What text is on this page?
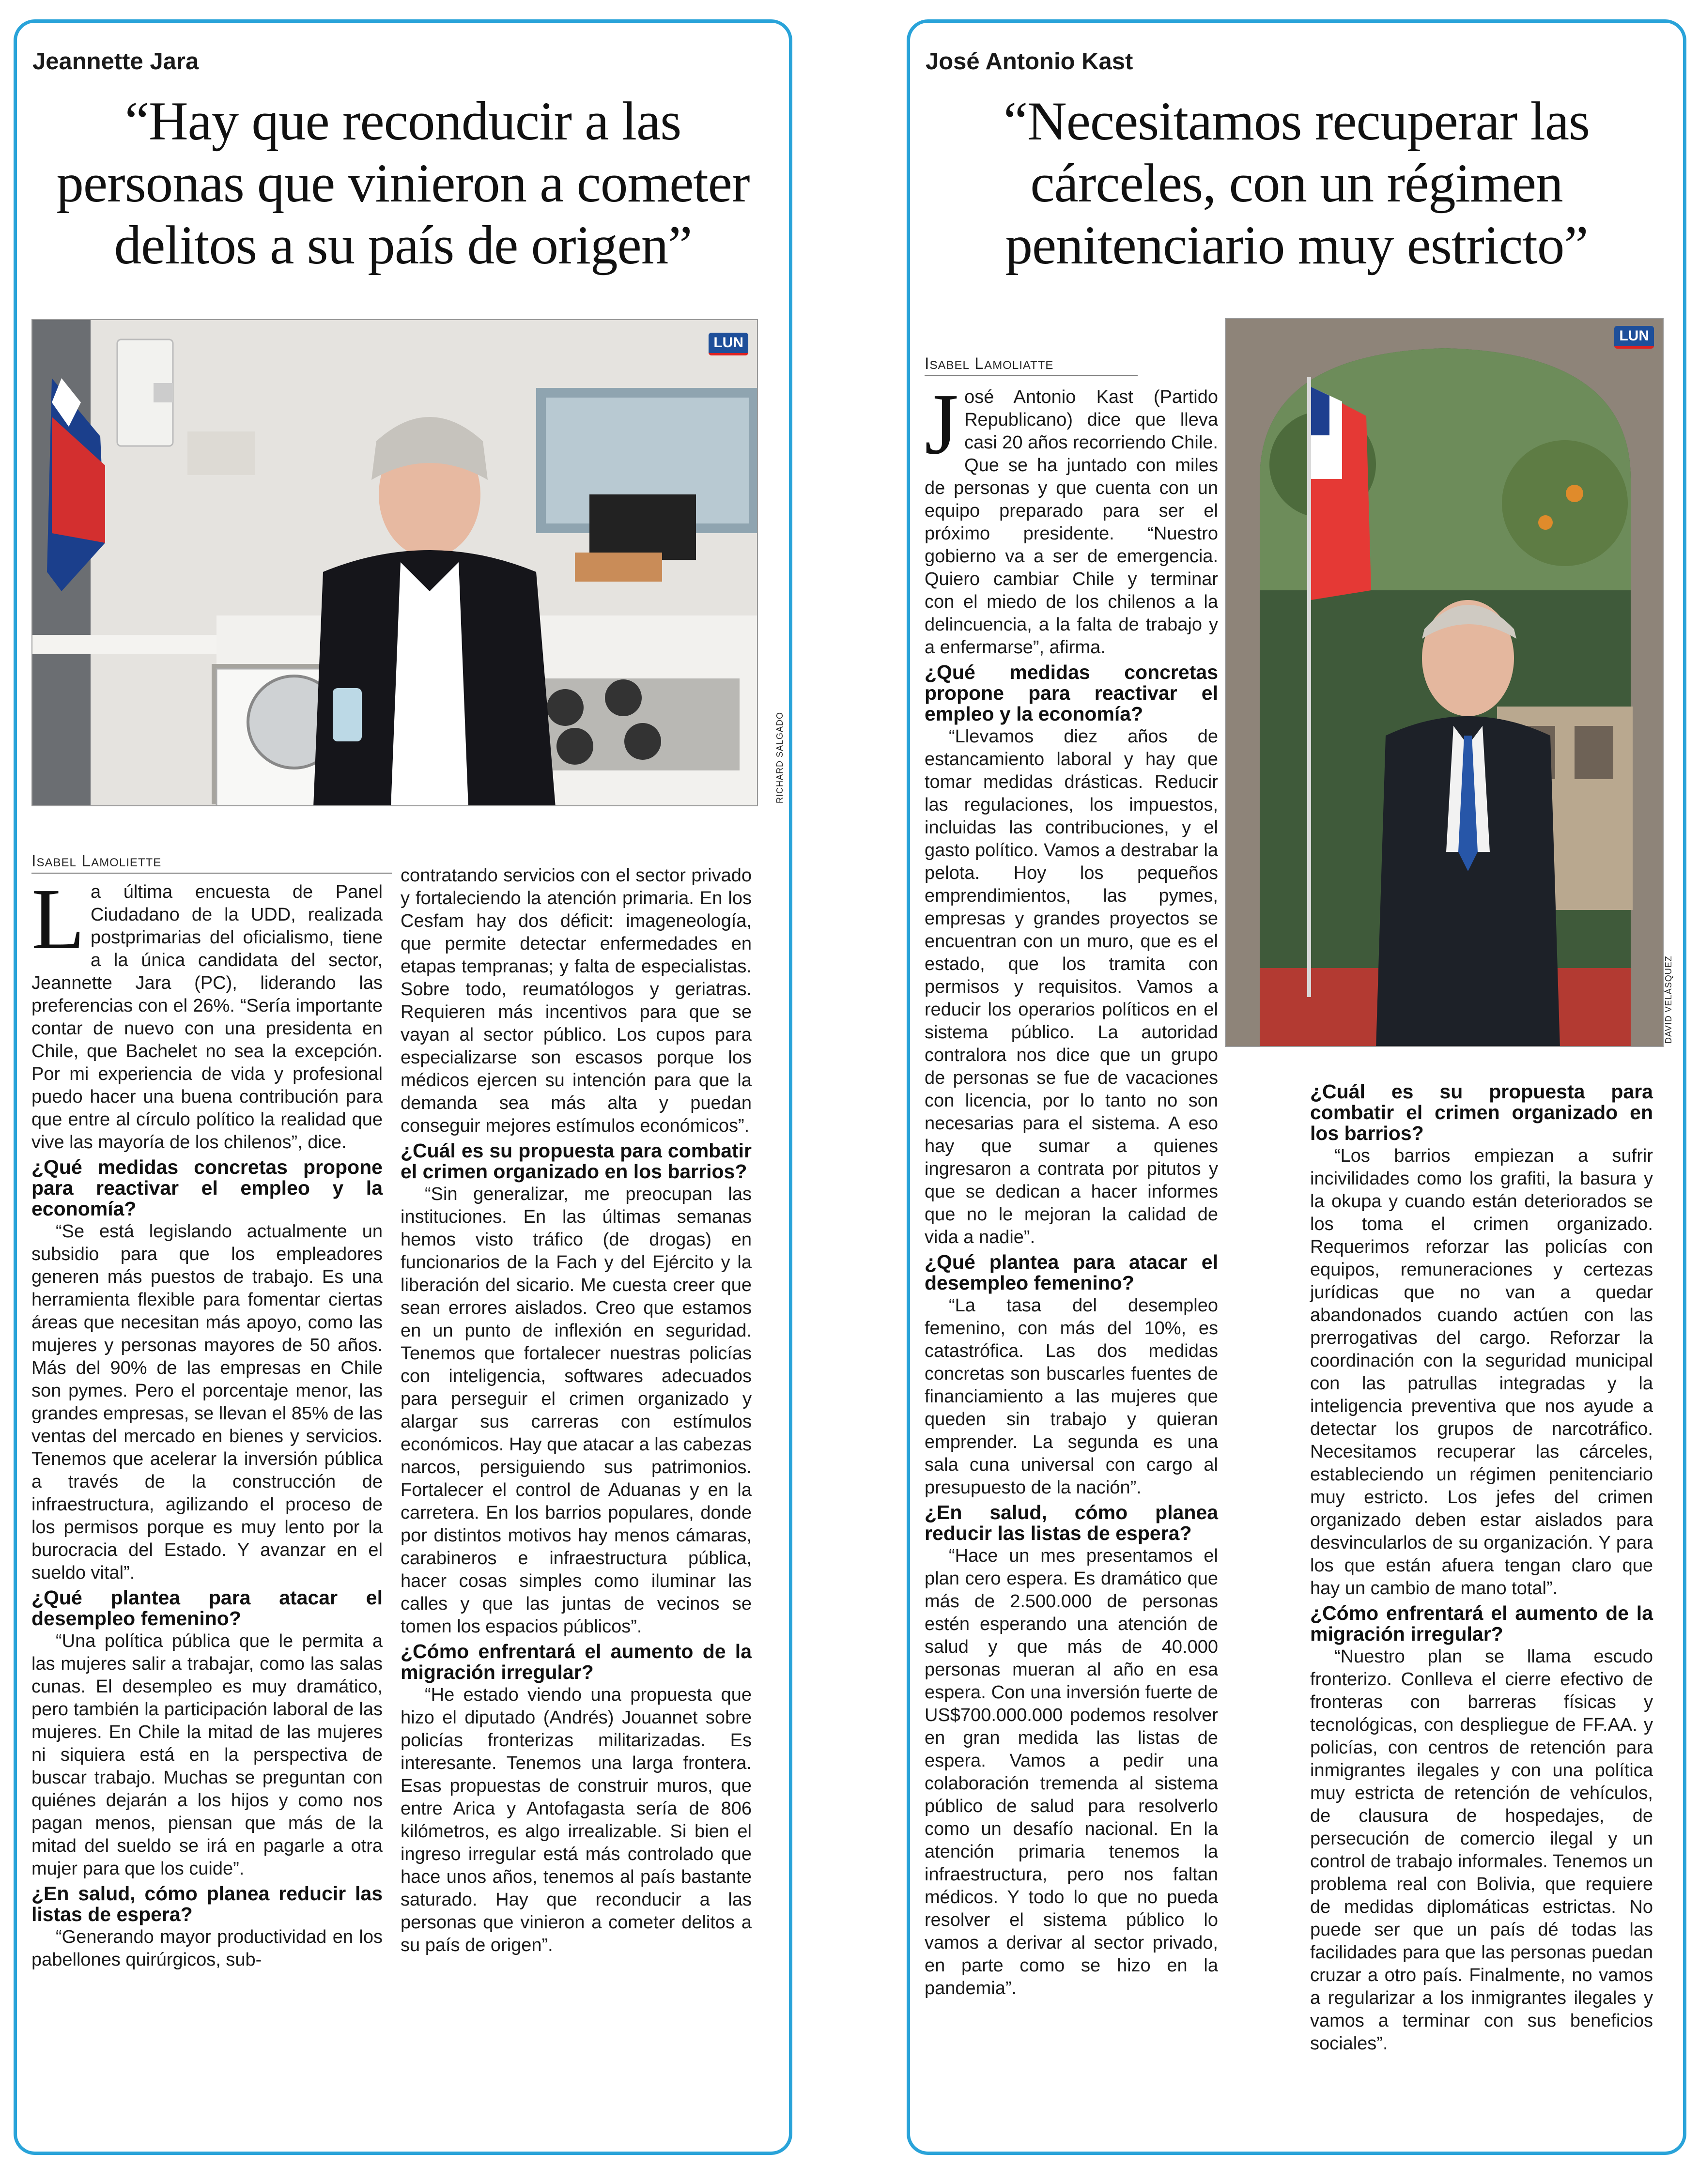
Jeannette Jara
“Hay que reconducir a las personas que vinieron a cometer delitos a su país de origen”
LUN
RICHARD SALGADO
Isabel Lamoliette
L a última encuesta de Panel Ciudadano de la UDD, realizada postprimarias del oficialismo, tiene a la única candidata del sector, Jeannette Jara (PC), liderando las preferencias con el 26%. “Sería importante contar de nuevo con una presidenta en Chile, que Bachelet no sea la excepción. Por mi experiencia de vida y profesional puedo hacer una buena contribución para que entre al círculo político la realidad que vive las mayoría de los chilenos”, dice.

¿Qué medidas concretas propone para reactivar el empleo y la economía?

“Se está legislando actualmente un subsidio para que los empleadores generen más puestos de trabajo. Es una herramienta flexible para fomentar ciertas áreas que necesitan más apoyo, como las mujeres y personas mayores de 50 años. Más del 90% de las empresas en Chile son pymes. Pero el porcentaje menor, las grandes empresas, se llevan el 85% de las ventas del mercado en bienes y servicios. Tenemos que acelerar la inversión pública a través de la construcción de infraestructura, agilizando el proceso de los permisos porque es muy lento por la burocracia del Estado. Y avanzar en el sueldo vital”.

¿Qué plantea para atacar el desempleo femenino?

“Una política pública que le permita a las mujeres salir a trabajar, como las salas cunas. El desempleo es muy dramático, pero también la participación laboral de las mujeres. En Chile la mitad de las mujeres ni siquiera está en la perspectiva de buscar trabajo. Muchas se preguntan con quiénes dejarán a los hijos y como nos pagan menos, piensan que más de la mitad del sueldo se irá en pagarle a otra mujer para que los cuide”.

¿En salud, cómo planea reducir las listas de espera?

“Generando mayor productividad en los pabellones quirúrgicos, sub-

contratando servicios con el sector privado y fortaleciendo la atención primaria. En los Cesfam hay dos déficit: imageneología, que permite detectar enfermedades en etapas tempranas; y falta de especialistas. Sobre todo, reumatólogos y geriatras. Requieren más incentivos para que se vayan al sector público. Los cupos para especializarse son escasos porque los médicos ejercen su intención para que la demanda sea más alta y puedan conseguir mejores estímulos económicos”.

¿Cuál es su propuesta para combatir el crimen organizado en los barrios?

“Sin generalizar, me preocupan las instituciones. En las últimas semanas hemos visto tráfico (de drogas) en funcionarios de la Fach y del Ejército y la liberación del sicario. Me cuesta creer que sean errores aislados. Creo que estamos en un punto de inflexión en seguridad. Tenemos que fortalecer nuestras policías con inteligencia, softwares adecuados para perseguir el crimen organizado y alargar sus carreras con estímulos económicos. Hay que atacar a las cabezas narcos, persiguiendo sus patrimonios. Fortalecer el control de Aduanas y en la carretera. En los barrios populares, donde por distintos motivos hay menos cámaras, carabineros e infraestructura pública, hacer cosas simples como iluminar las calles y que las juntas de vecinos se tomen los espacios públicos”.

¿Cómo enfrentará el aumento de la migración irregular?

“He estado viendo una propuesta que hizo el diputado (Andrés) Jouannet sobre policías fronterizas militarizadas. Es interesante. Tenemos una larga frontera. Esas propuestas de construir muros, que entre Arica y Antofagasta sería de 806 kilómetros, es algo irrealizable. Si bien el ingreso irregular está más controlado que hace unos años, tenemos al país bastante saturado. Hay que reconducir a las personas que vinieron a cometer delitos a su país de origen”.

José Antonio Kast
“Necesitamos recuperar las cárceles, con un régimen penitenciario muy estricto”
Isabel Lamoliatte
LUN
DAVID VELÁSQUEZ
J osé Antonio Kast (Partido Republicano) dice que lleva casi 20 años recorriendo Chile. Que se ha juntado con miles de personas y que cuenta con un equipo preparado para ser el próximo presidente. “Nuestro gobierno va a ser de emergencia. Quiero cambiar Chile y terminar con el miedo de los chilenos a la delincuencia, a la falta de trabajo y a enfermarse”, afirma.

¿Qué medidas concretas propone para reactivar el empleo y la economía?

“Llevamos diez años de estancamiento laboral y hay que tomar medidas drásticas. Reducir las regulaciones, los impuestos, incluidas las contribuciones, y el gasto político. Vamos a destrabar la pelota. Hoy los pequeños emprendimientos, las pymes, empresas y grandes proyectos se encuentran con un muro, que es el estado, que los tramita con permisos y requisitos. Vamos a reducir los operarios políticos en el sistema público. La autoridad contralora nos dice que un grupo de personas se fue de vacaciones con licencia, por lo tanto no son necesarias para el sistema. A eso hay que sumar a quienes ingresaron a contrata por pitutos y que se dedican a hacer informes que no le mejoran la calidad de vida a nadie”.

¿Qué plantea para atacar el desempleo femenino?

“La tasa del desempleo femenino, con más del 10%, es catastrófica. Las dos medidas concretas son buscarles fuentes de financiamiento a las mujeres que queden sin trabajo y quieran emprender. La segunda es una sala cuna universal con cargo al presupuesto de la nación”.

¿En salud, cómo planea reducir las listas de espera?

“Hace un mes presentamos el plan cero espera. Es dramático que más de 2.500.000 de personas estén esperando una atención de salud y que más de 40.000 personas mueran al año en esa espera. Con una inversión fuerte de US$700.000.000 podemos resolver en gran medida las listas de espera. Vamos a pedir una colaboración tremenda al sistema público de salud para resolverlo como un desafío nacional. En la atención primaria tenemos la infraestructura, pero nos faltan médicos. Y todo lo que no pueda resolver el sistema público lo vamos a derivar al sector privado, en parte como se hizo en la pandemia”.

¿Cuál es su propuesta para combatir el crimen organizado en los barrios?

“Los barrios empiezan a sufrir incivilidades como los grafiti, la basura y la okupa y cuando están deteriorados se los toma el crimen organizado. Requerimos reforzar las policías con equipos, remuneraciones y certezas jurídicas que no van a quedar abandonados cuando actúen con las prerrogativas del cargo. Reforzar la coordinación con la seguridad municipal con las patrullas integradas y la inteligencia preventiva que nos ayude a detectar los grupos de narcotráfico. Necesitamos recuperar las cárceles, estableciendo un régimen penitenciario muy estricto. Los jefes del crimen organizado deben estar aislados para desvincularlos de su organización. Y para los que están afuera tengan claro que hay un cambio de mano total”.

¿Cómo enfrentará el aumento de la migración irregular?

“Nuestro plan se llama escudo fronterizo. Conlleva el cierre efectivo de fronteras con barreras físicas y tecnológicas, con despliegue de FF.AA. y policías, con centros de retención para inmigrantes ilegales y con una política muy estricta de retención de vehículos, de clausura de hospedajes, de persecución de comercio ilegal y un control de trabajo informales. Tenemos un problema real con Bolivia, que requiere de medidas diplomáticas estrictas. No puede ser que un país dé todas las facilidades para que las personas puedan cruzar a otro país. Finalmente, no vamos a regularizar a los inmigrantes ilegales y vamos a terminar con sus beneficios sociales”.
